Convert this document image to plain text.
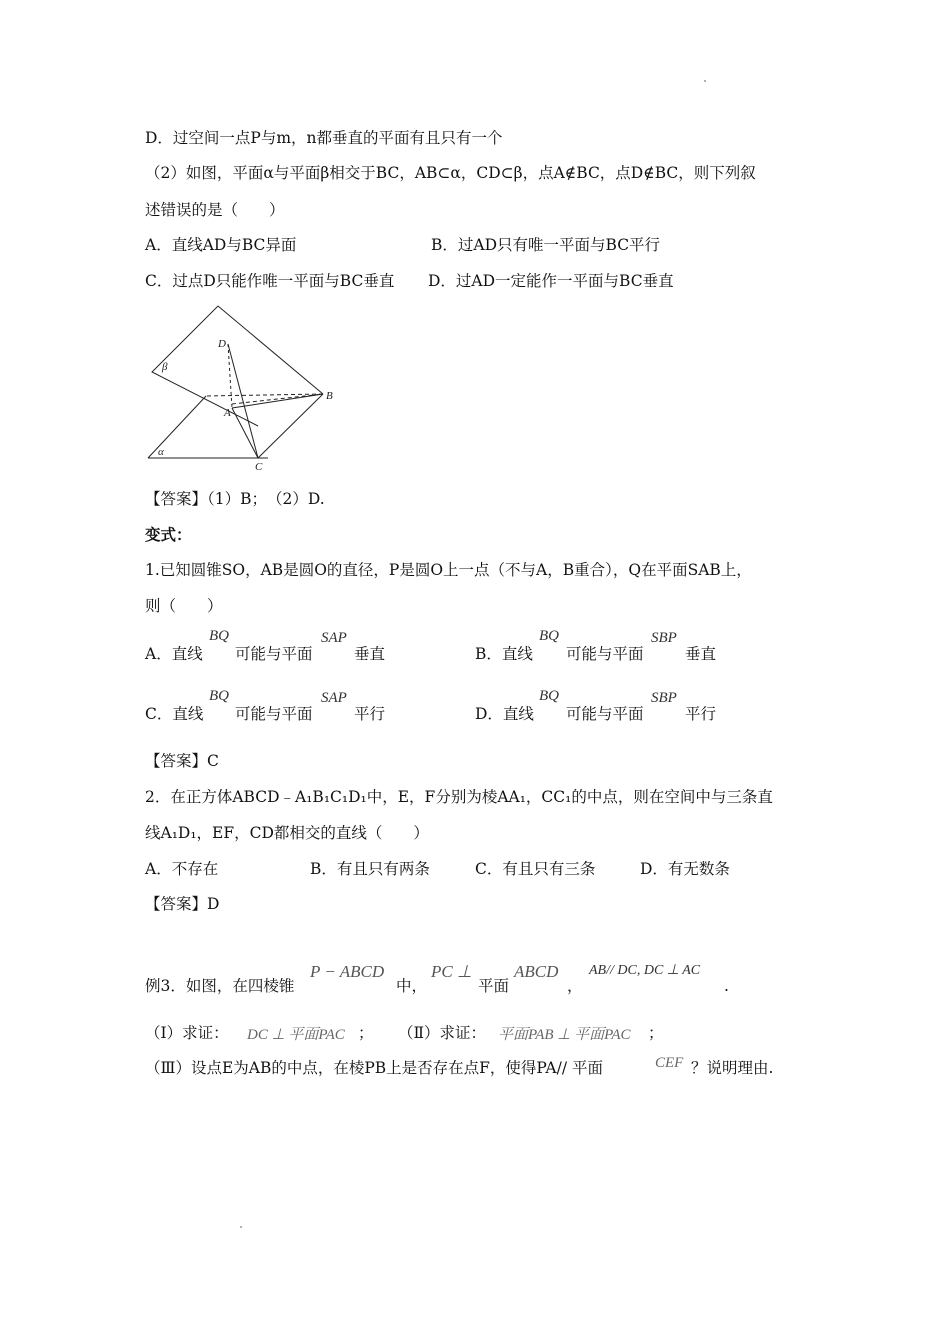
D．过空间一点P与m，n都垂直的平面有且只有一个
（2）如图，平面α与平面β相交于BC，AB⊂α，CD⊂β，点A∉BC，点D∉BC，则下列叙
述错误的是（　　）
A．直线AD与BC异面	B．过AD只有唯一平面与BC平行
C．过点D只能作唯一平面与BC垂直 D．过AD一定能作一平面与BC垂直
D
β
A
B
α
C
【答案】（1）B；　（2）D.
变式：
1.已知圆锥SO，AB是圆O的直径，P是圆O上一点（不与A，B重合），Q在平面SAB上，
则（　　）
A．直线
BQ
可能与平面
SAP
垂直	B．直线
BQ
可能与平面
SBP
垂直
C．直线
BQ
可能与平面
SAP
平行	D．直线
BQ
可能与平面
SBP
平行
【答案】C
2．在正方体ABCD﹣A₁B₁C₁D₁中，E，F分别为棱AA₁，CC₁的中点，则在空间中与三条直
线A₁D₁，EF，CD都相交的直线（　　）
A．不存在	B．有且只有两条	C．有且只有三条	D．有无数条
【答案】D
例3．如图，在四棱锥
P − ABCD
中，
PC ⊥
平面
ABCD
，
AB// DC, DC ⊥ AC
.
（Ⅰ）求证： DC ⊥ 平面PAC ； （Ⅱ）求证： 平面PAB ⊥ 平面PAC ；
（Ⅲ）设点E为AB的中点，在棱PB上是否存在点F，使得PA// 平面	CEF ？说明理由.
